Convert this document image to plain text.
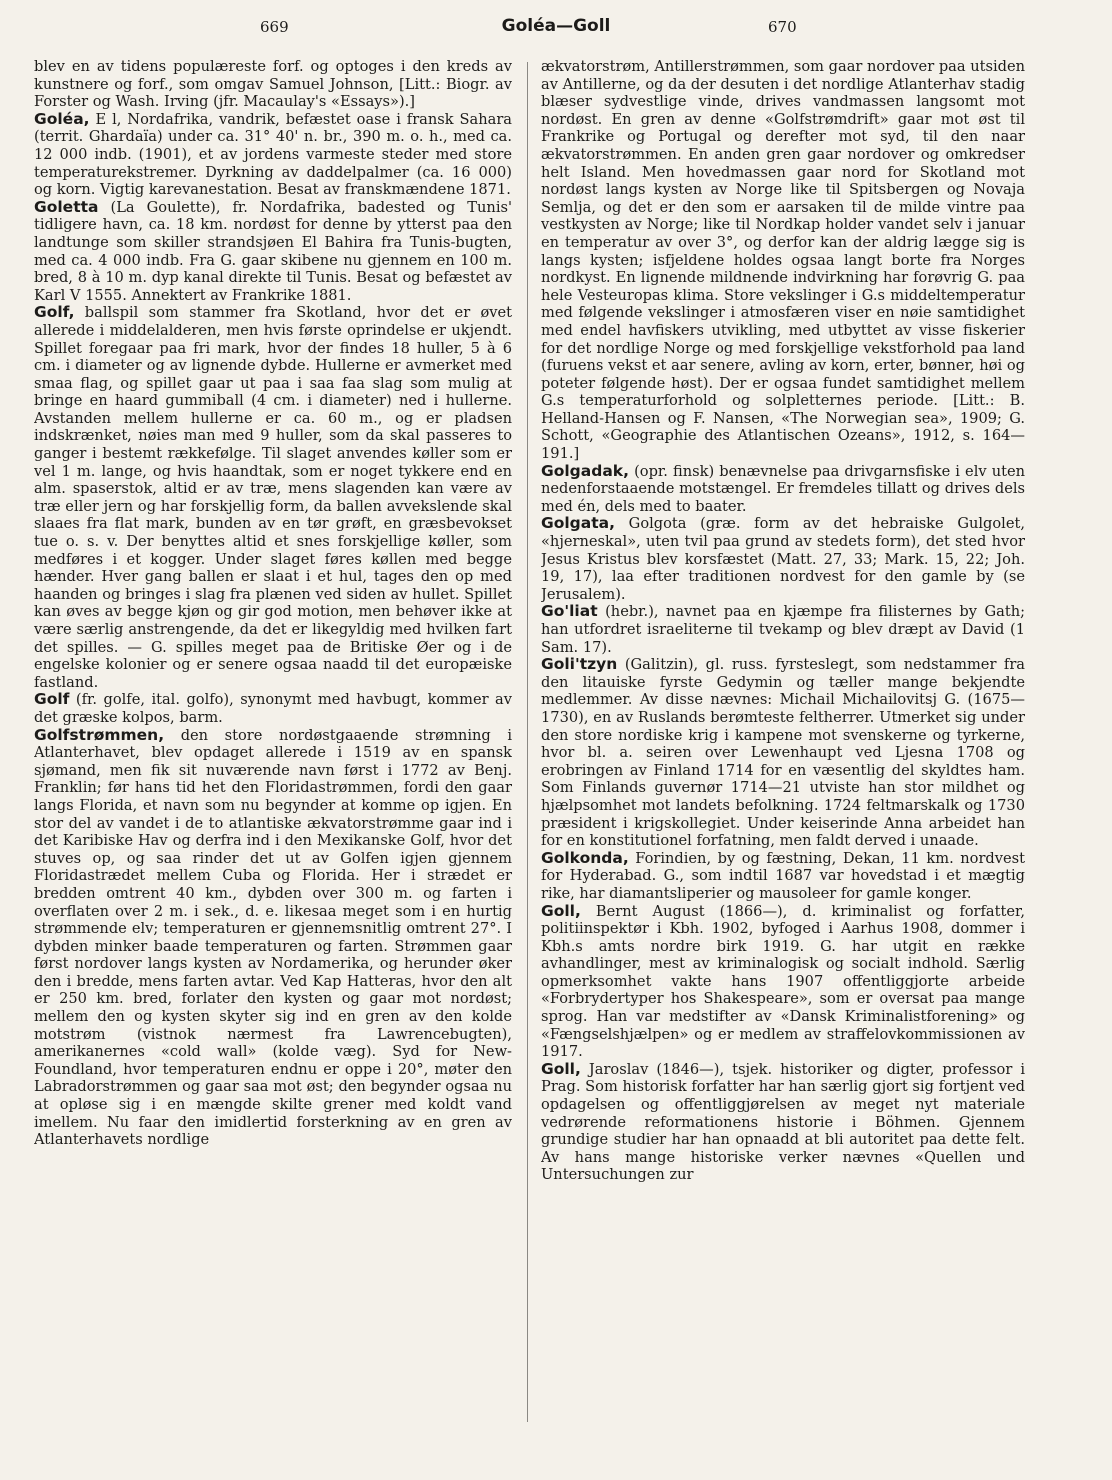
669	Goléa—Goll	670

blev en av tidens populæreste forf. og optoges i den kreds av kunstnere og forf., som omgav Samuel Johnson, [Litt.: Biogr. av Forster og Wash. Irving (jfr. Macaulay's «Essays»).]

Goléa, E l, Nordafrika, vandrik, befæstet oase i fransk Sahara (territ. Ghardaïa) under ca. 31° 40' n. br., 390 m. o. h., med ca. 12 000 indb. (1901), et av jordens varmeste steder med store temperaturekstremer. Dyrkning av daddelpalmer (ca. 16 000) og korn. Vigtig karevanestation. Besat av franskmændene 1871.

Goletta (La Goulette), fr. Nordafrika, badested og Tunis' tidligere havn, ca. 18 km. nordøst for denne by ytterst paa den landtunge som skiller strandsjøen El Bahira fra Tunis-bugten, med ca. 4 000 indb. Fra G. gaar skibene nu gjennem en 100 m. bred, 8 à 10 m. dyp kanal direkte til Tunis. Besat og befæstet av Karl V 1555. Annektert av Frankrike 1881.

Golf, ballspil som stammer fra Skotland, hvor det er øvet allerede i middelalderen, men hvis første oprindelse er ukjendt. Spillet foregaar paa fri mark, hvor der findes 18 huller, 5 à 6 cm. i diameter og av lignende dybde. Hullerne er avmerket med smaa flag, og spillet gaar ut paa i saa faa slag som mulig at bringe en haard gummiball (4 cm. i diameter) ned i hullerne. Avstanden mellem hullerne er ca. 60 m., og er pladsen indskrænket, nøies man med 9 huller, som da skal passeres to ganger i bestemt rækkefølge. Til slaget anvendes køller som er vel 1 m. lange, og hvis haandtak, som er noget tykkere end en alm. spaserstok, altid er av træ, mens slagenden kan være av træ eller jern og har forskjellig form, da ballen avvekslende skal slaaes fra flat mark, bunden av en tør grøft, en græsbevokset tue o. s. v. Der benyttes altid et snes forskjellige køller, som medføres i et kogger. Under slaget føres køllen med begge hænder. Hver gang ballen er slaat i et hul, tages den op med haanden og bringes i slag fra plænen ved siden av hullet. Spillet kan øves av begge kjøn og gir god motion, men behøver ikke at være særlig anstrengende, da det er likegyldig med hvilken fart det spilles. — G. spilles meget paa de Britiske Øer og i de engelske kolonier og er senere ogsaa naadd til det europæiske fastland.

Golf (fr. golfe, ital. golfo), synonymt med havbugt, kommer av det græske kolpos, barm.

Golfstrømmen, den store nordøstgaaende strømning i Atlanterhavet, blev opdaget allerede i 1519 av en spansk sjømand, men fik sit nuværende navn først i 1772 av Benj. Franklin; før hans tid het den Floridastrømmen, fordi den gaar langs Florida, et navn som nu begynder at komme op igjen. En stor del av vandet i de to atlantiske ækvatorstrømme gaar ind i det Karibiske Hav og derfra ind i den Mexikanske Golf, hvor det stuves op, og saa rinder det ut av Golfen igjen gjennem Floridastrædet mellem Cuba og Florida. Her i strædet er bredden omtrent 40 km., dybden over 300 m. og farten i overflaten over 2 m. i sek., d. e. likesaa meget som i en hurtig strømmende elv; temperaturen er gjennemsnitlig omtrent 27°. I dybden minker baade temperaturen og farten. Strømmen gaar først nordover langs kysten av Nordamerika, og herunder øker den i bredde, mens farten avtar. Ved Kap Hatteras, hvor den alt er 250 km. bred, forlater den kysten og gaar mot nordøst; mellem den og kysten skyter sig ind en gren av den kolde motstrøm (vistnok nærmest fra Lawrencebugten), amerikanernes «cold wall» (kolde væg). Syd for New-Foundland, hvor temperaturen endnu er oppe i 20°, møter den Labradorstrømmen og gaar saa mot øst; den begynder ogsaa nu at opløse sig i en mængde skilte grener med koldt vand imellem. Nu faar den imidlertid forsterkning av en gren av Atlanterhavets nordlige

ækvatorstrøm, Antillerstrømmen, som gaar nordover paa utsiden av Antillerne, og da der desuten i det nordlige Atlanterhav stadig blæser sydvestlige vinde, drives vandmassen langsomt mot nordøst. En gren av denne «Golfstrømdrift» gaar mot øst til Frankrike og Portugal og derefter mot syd, til den naar ækvatorstrømmen. En anden gren gaar nordover og omkredser helt Island. Men hovedmassen gaar nord for Skotland mot nordøst langs kysten av Norge like til Spitsbergen og Novaja Semlja, og det er den som er aarsaken til de milde vintre paa vestkysten av Norge; like til Nordkap holder vandet selv i januar en temperatur av over 3°, og derfor kan der aldrig lægge sig is langs kysten; isfjeldene holdes ogsaa langt borte fra Norges nordkyst. En lignende mildnende indvirkning har forøvrig G. paa hele Vesteuropas klima. Store vekslinger i G.s middeltemperatur med følgende vekslinger i atmosfæren viser en nøie samtidighet med endel havfiskers utvikling, med utbyttet av visse fiskerier for det nordlige Norge og med forskjellige vekstforhold paa land (furuens vekst et aar senere, avling av korn, erter, bønner, høi og poteter følgende høst). Der er ogsaa fundet samtidighet mellem G.s temperaturforhold og solpletternes periode. [Litt.: B. Helland-Hansen og F. Nansen, «The Norwegian sea», 1909; G. Schott, «Geographie des Atlantischen Ozeans», 1912, s. 164—191.]

Golgadak, (opr. finsk) benævnelse paa drivgarnsfiske i elv uten nedenforstaaende motstængel. Er fremdeles tillatt og drives dels med én, dels med to baater.

Golgata, Golgota (græ. form av det hebraiske Gulgolet, «hjerneskal», uten tvil paa grund av stedets form), det sted hvor Jesus Kristus blev korsfæstet (Matt. 27, 33; Mark. 15, 22; Joh. 19, 17), laa efter traditionen nordvest for den gamle by (se Jerusalem).

Go'liat (hebr.), navnet paa en kjæmpe fra filisternes by Gath; han utfordret israeliterne til tvekamp og blev dræpt av David (1 Sam. 17).

Goli'tzyn (Galitzin), gl. russ. fyrsteslegt, som nedstammer fra den litauiske fyrste Gedymin og tæller mange bekjendte medlemmer. Av disse nævnes: Michail Michailovitsj G. (1675—1730), en av Ruslands berømteste feltherrer. Utmerket sig under den store nordiske krig i kampene mot svenskerne og tyrkerne, hvor bl. a. seiren over Lewenhaupt ved Ljesna 1708 og erobringen av Finland 1714 for en væsentlig del skyldtes ham. Som Finlands guvernør 1714—21 utviste han stor mildhet og hjælpsomhet mot landets befolkning. 1724 feltmarskalk og 1730 præsident i krigskollegiet. Under keiserinde Anna arbeidet han for en konstitutionel forfatning, men faldt derved i unaade.

Golkonda, Forindien, by og fæstning, Dekan, 11 km. nordvest for Hyderabad. G., som indtil 1687 var hovedstad i et mægtig rike, har diamantsliperier og mausoleer for gamle konger.

Goll, Bernt August (1866—), d. kriminalist og forfatter, politiinspektør i Kbh. 1902, byfoged i Aarhus 1908, dommer i Kbh.s amts nordre birk 1919. G. har utgit en række avhandlinger, mest av kriminalogisk og socialt indhold. Særlig opmerksomhet vakte hans 1907 offentliggjorte arbeide «Forbrydertyper hos Shakespeare», som er oversat paa mange sprog. Han var medstifter av «Dansk Kriminalistforening» og «Fængselshjælpen» og er medlem av straffelovkommissionen av 1917.

Goll, Jaroslav (1846—), tsjek. historiker og digter, professor i Prag. Som historisk forfatter har han særlig gjort sig fortjent ved opdagelsen og offentliggjørelsen av meget nyt materiale vedrørende reformationens historie i Böhmen. Gjennem grundige studier har han opnaadd at bli autoritet paa dette felt. Av hans mange historiske verker nævnes «Quellen und Untersuchungen zur
